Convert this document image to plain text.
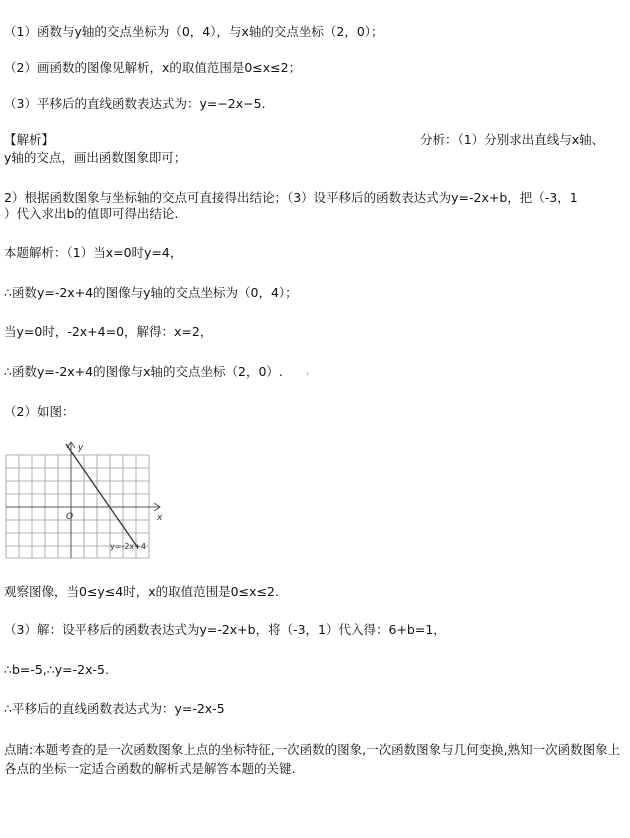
（1）函数与y轴的交点坐标为（0，4），与x轴的交点坐标（2，0）；
（2）画函数的图像见解析，x的取值范围是0≤x≤2；
（3）平移后的直线函数表达式为：y=−2x−5.
【解析】	分析：（1）分别求出直线与x轴、
y轴的交点，画出函数图象即可；
2）根据函数图象与坐标轴的交点可直接得出结论；（3）设平移后的函数表达式为y=-2x+b，把（-3，1
）代入求出b的值即可得出结论.
本题解析：（1）当x=0时y=4，
∴函数y=-2x+4的图像与y轴的交点坐标为（0，4）；
当y=0时，-2x+4=0，解得：x=2，
∴函数y=-2x+4的图像与x轴的交点坐标（2，0）. ,
（2）如图：
y
x
O
y=-2x+4
观察图像，当0≤y≤4时，x的取值范围是0≤x≤2.
（3）解：设平移后的函数表达式为y=-2x+b，将（-3，1）代入得：6+b=1，
∴b=-5,∴y=-2x-5.
∴平移后的直线函数表达式为：y=-2x-5
点睛:本题考查的是一次函数图象上点的坐标特征,一次函数的图象,一次函数图象与几何变换,熟知一次函数图象上各点的坐标一定适合函数的解析式是解答本题的关键.
